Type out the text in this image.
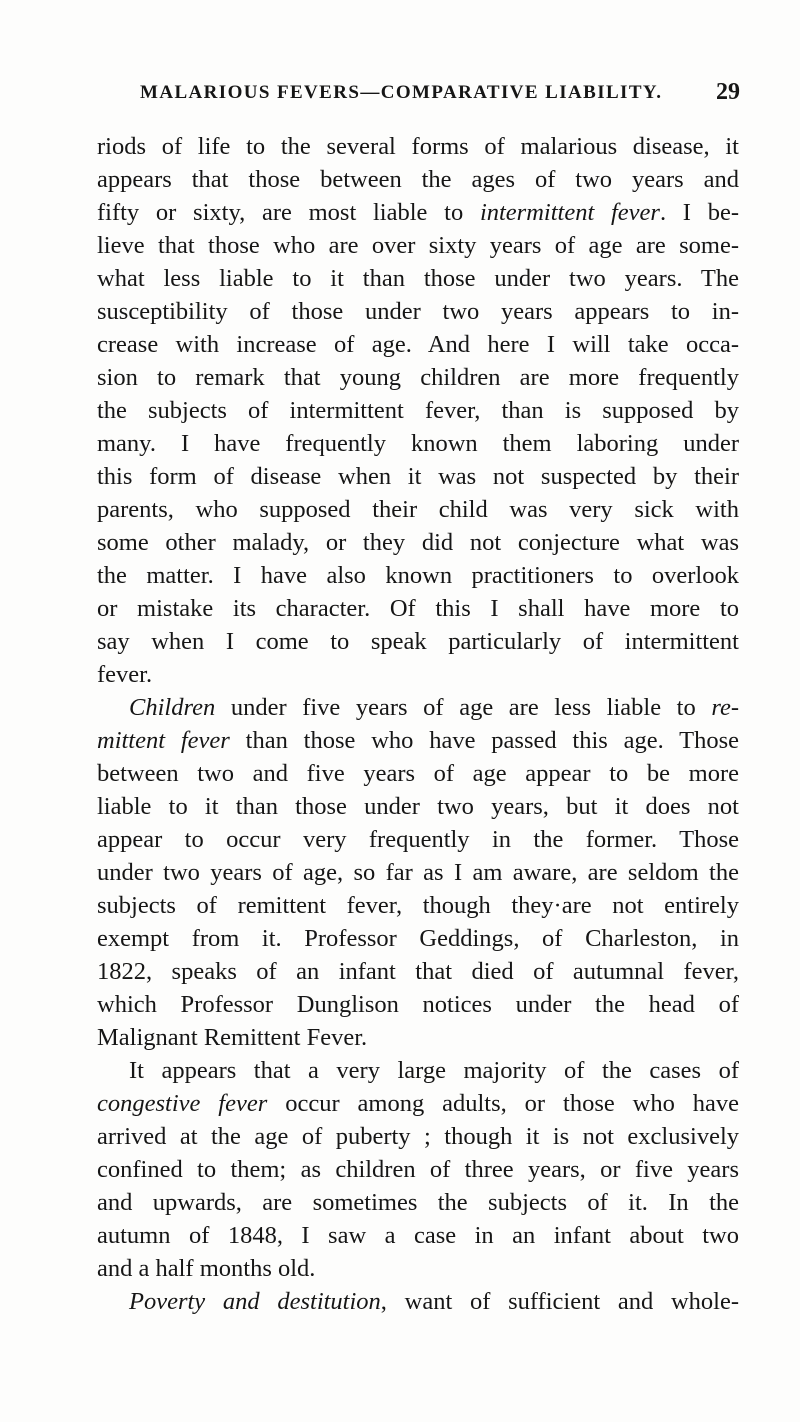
MALARIOUS FEVERS—COMPARATIVE LIABILITY. 29
riods of life to the several forms of malarious disease, it
appears that those between the ages of two years and
fifty or sixty, are most liable to intermittent fever. I be-
lieve that those who are over sixty years of age are some-
what less liable to it than those under two years. The
susceptibility of those under two years appears to in-
crease with increase of age. And here I will take occa-
sion to remark that young children are more frequently
the subjects of intermittent fever, than is supposed by
many. I have frequently known them laboring under
this form of disease when it was not suspected by their
parents, who supposed their child was very sick with
some other malady, or they did not conjecture what was
the matter. I have also known practitioners to overlook
or mistake its character. Of this I shall have more to
say when I come to speak particularly of intermittent
fever.
Children under five years of age are less liable to re-
mittent fever than those who have passed this age. Those
between two and five years of age appear to be more
liable to it than those under two years, but it does not
appear to occur very frequently in the former. Those
under two years of age, so far as I am aware, are seldom the
subjects of remittent fever, though they·are not entirely
exempt from it. Professor Geddings, of Charleston, in
1822, speaks of an infant that died of autumnal fever,
which Professor Dunglison notices under the head of
Malignant Remittent Fever.
It appears that a very large majority of the cases of
congestive fever occur among adults, or those who have
arrived at the age of puberty ; though it is not exclusively
confined to them; as children of three years, or five years
and upwards, are sometimes the subjects of it. In the
autumn of 1848, I saw a case in an infant about two
and a half months old.
Poverty and destitution, want of sufficient and whole-
